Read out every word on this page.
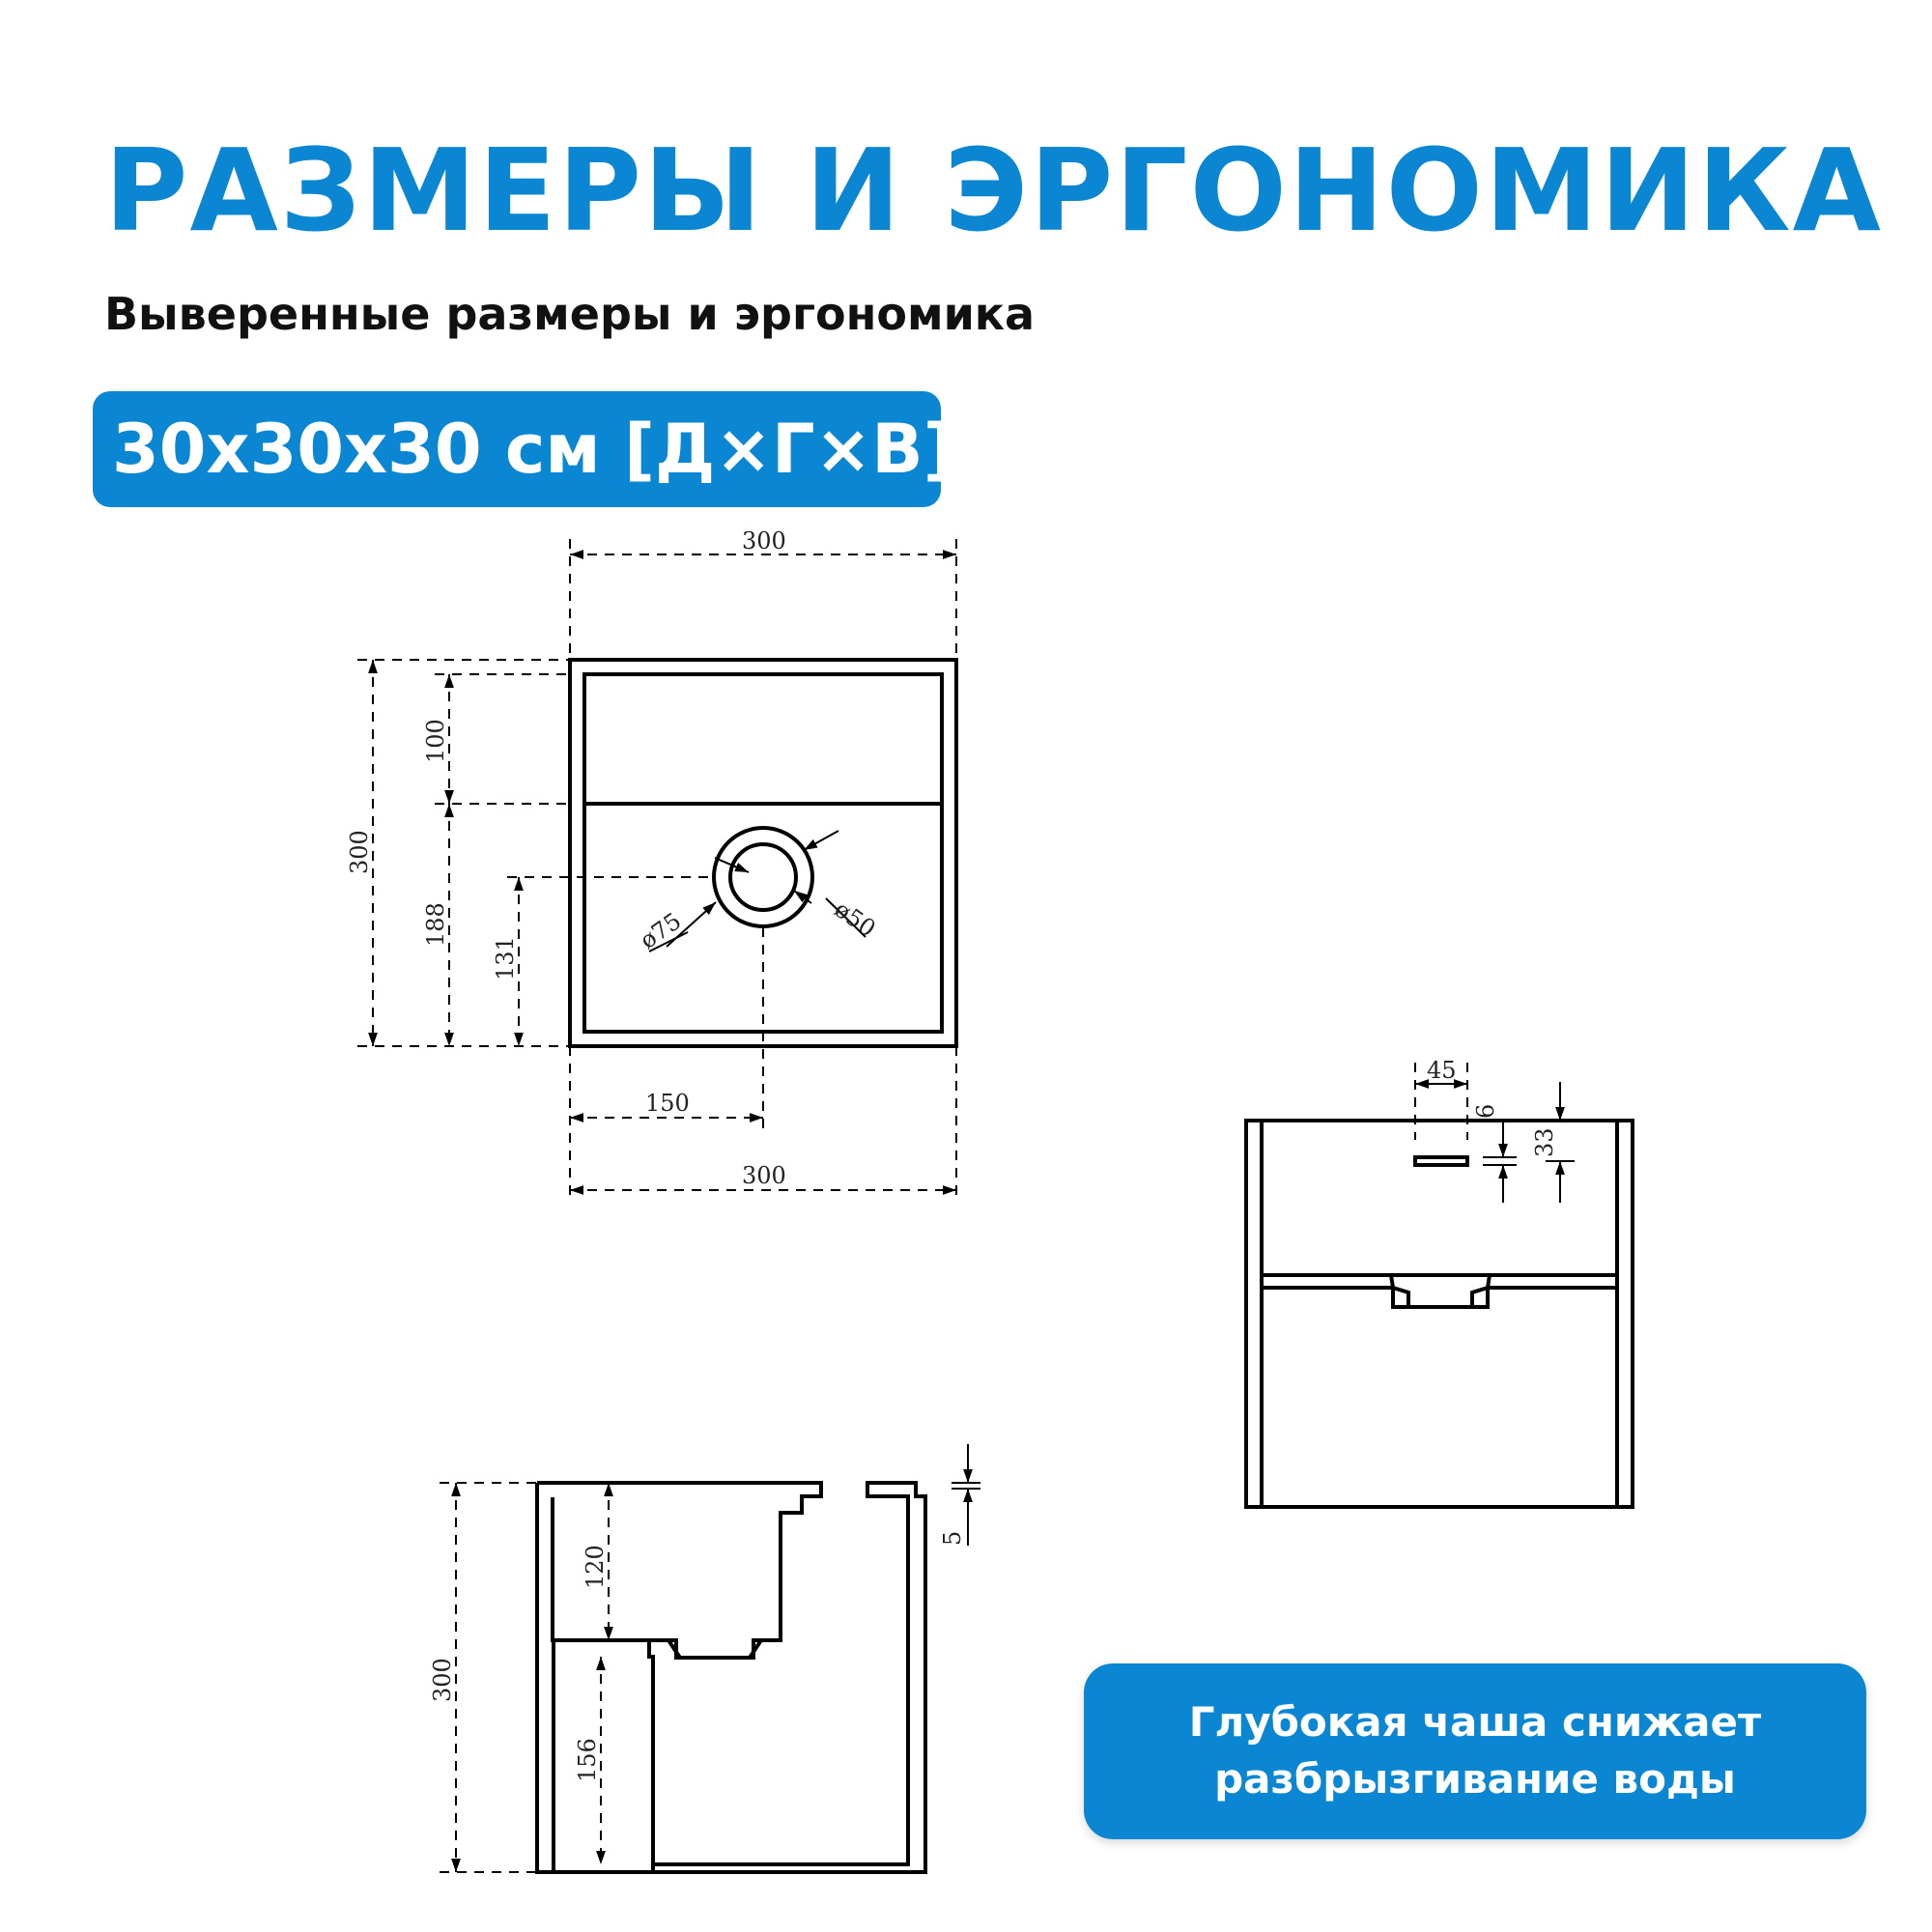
РАЗМЕРЫ И ЭРГОНОМИКА
Выверенные размеры и эргономика
30x30x30 см [Д×Г×В]
300
150
300
300
100
188
131
ø75	ø50
45
6
33
120
156
300
5
Глубокая чаша снижает
разбрызгивание воды
